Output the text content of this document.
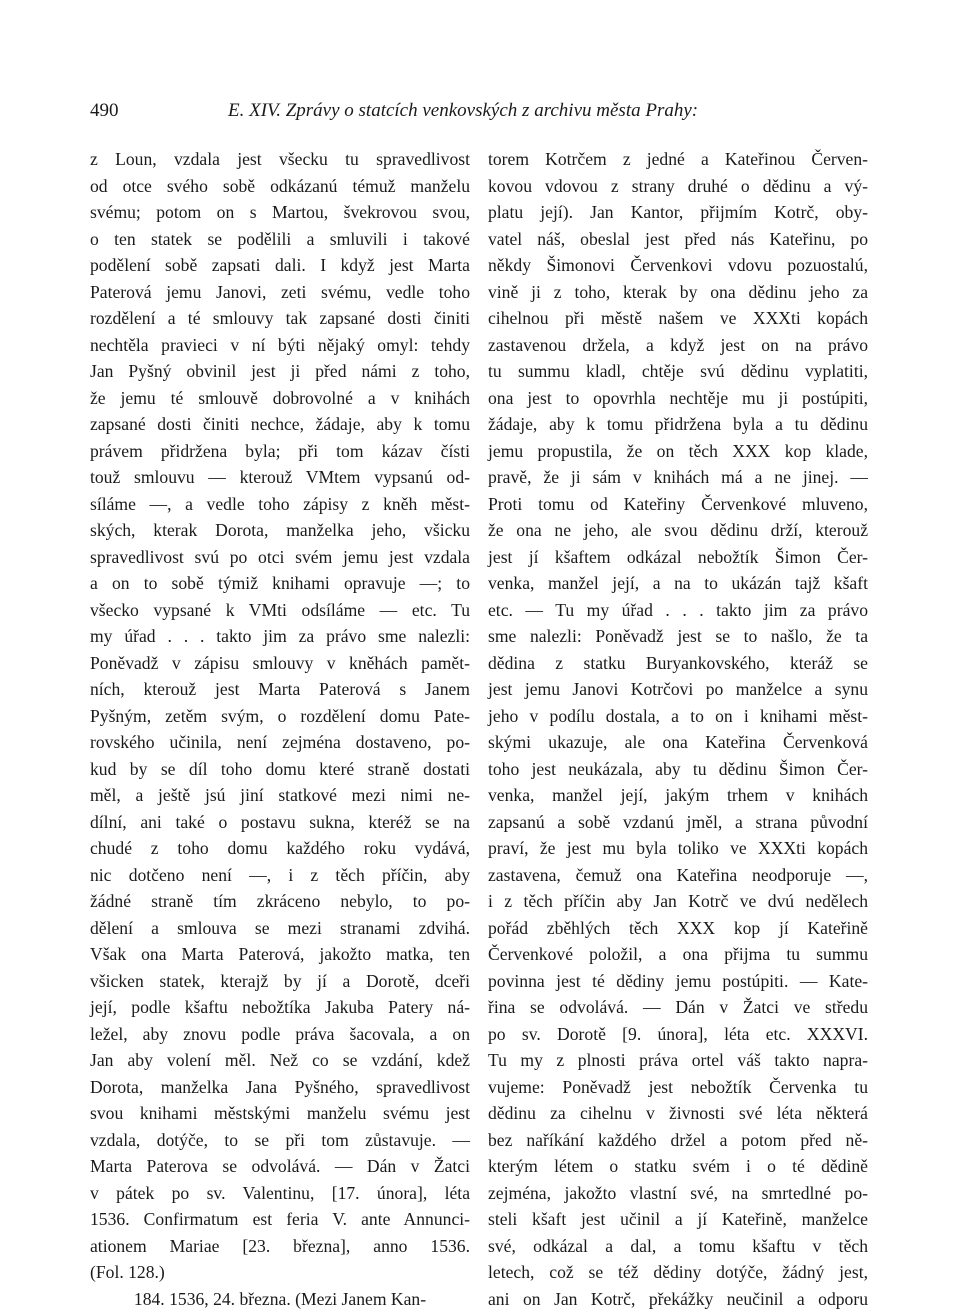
490	E. XIV. Zprávy o statcích venkovských z archivu města Prahy:
z Loun, vzdala jest všecku tu spravedlivost
od otce svého sobě odkázanú témuž manželu
svému; potom on s Martou, švekrovou svou,
o ten statek se podělili a smluvili i takové
podělení sobě zapsati dali. I když jest Marta
Paterová jemu Janovi, zeti svému, vedle toho
rozdělení a té smlouvy tak zapsané dosti činiti
nechtěla pravieci v ní býti nějaký omyl: tehdy
Jan Pyšný obvinil jest ji před námi z toho,
že jemu té smlouvě dobrovolné a v knihách
zapsané dosti činiti nechce, žádaje, aby k tomu
právem přidržena byla; při tom kázav čísti
touž smlouvu — kterouž VMtem vypsanú od-
síláme —, a vedle toho zápisy z kněh měst-
ských, kterak Dorota, manželka jeho, všicku
spravedlivost svú po otci svém jemu jest vzdala
a on to sobě týmiž knihami opravuje —; to
všecko vypsané k VMti odsíláme — etc. Tu
my úřad . . . takto jim za právo sme nalezli:
Poněvadž v zápisu smlouvy v kněhách pamět-
ních, kterouž jest Marta Paterová s Janem
Pyšným, zetěm svým, o rozdělení domu Pate-
rovského učinila, není zejména dostaveno, po-
kud by se díl toho domu které straně dostati
měl, a ještě jsú jiní statkové mezi nimi ne-
dílní, ani také o postavu sukna, kteréž se na
chudé z toho domu každého roku vydává,
nic dotčeno není —, i z těch příčin, aby
žádné straně tím zkráceno nebylo, to po-
dělení a smlouva se mezi stranami zdvihá.
Však ona Marta Paterová, jakožto matka, ten
všicken statek, kterajž by jí a Dorotě, dceři
její, podle kšaftu nebožtíka Jakuba Patery ná-
ležel, aby znovu podle práva šacovala, a on
Jan aby volení měl. Než co se vzdání, kdež
Dorota, manželka Jana Pyšného, spravedlivost
svou knihami městskými manželu svému jest
vzdala, dotýče, to se při tom zůstavuje. —
Marta Paterova se odvolává. — Dán v Žatci
v pátek po sv. Valentinu, [17. února], léta
1536. Confirmatum est feria V. ante Annunci-
ationem Mariae [23. března], anno 1536.
(Fol. 128.)
184. 1536, 24. března. (Mezi Janem Kan-
torem Kotrčem z jedné a Kateřinou Červen-
kovou vdovou z strany druhé o dědinu a vý-
platu její). Jan Kantor, přijmím Kotrč, oby-
vatel náš, obeslal jest před nás Kateřinu, po
někdy Šimonovi Červenkovi vdovu pozuostalú,
vině ji z toho, kterak by ona dědinu jeho za
cihelnou při městě našem ve XXXti kopách
zastavenou drželа, a když jest on na právo
tu summu kladl, chtěje svú dědinu vyplatiti,
ona jest to opovrhla nechtěje mu ji postúpiti,
žádaje, aby k tomu přidržena byla a tu dědinu
jemu propustila, že on těch XXX kop klade,
pravě, že ji sám v knihách má a ne jinej. —
Proti tomu od Kateřiny Červenkové mluveno,
že ona ne jeho, ale svou dědinu drží, kterouž
jest jí kšaftem odkázal nebožtík Šimon Čer-
venka, manžel její, a na to ukázán tajž kšaft
etc. — Tu my úřad . . . takto jim za právo
sme nalezli: Poněvadž jest se to našlo, že ta
dědina z statku Buryankovského, kteráž se
jest jemu Janovi Kotrčovi po manželce a synu
jeho v podílu dostala, a to on i knihami měst-
skými ukazuje, ale ona Kateřina Červenková
toho jest neukázala, aby tu dědinu Šimon Čer-
venka, manžel její, jakým trhem v knihách
zapsanú a sobě vzdanú jměl, a strana původní
praví, že jest mu byla toliko ve XXXti kopách
zastavena, čemuž ona Kateřina neodporuje —,
i z těch příčin aby Jan Kotrč ve dvú nedělech
pořád zběhlých těch XXX kop jí Kateřině
Červenkové položil, a ona přijma tu summu
povinna jest té dědiny jemu postúpiti. — Kate-
řina se odvolává. — Dán v Žatci ve středu
po sv. Dorotě [9. února], léta etc. XXXVI.
Tu my z plnosti práva ortel váš takto naprа-
vujeme: Poněvadž jest nebožtík Červenka tu
dědinu za cihelnu v živnosti své léta některá
bez naříkání každého držel a potom před ně-
kterým létem o statku svém i o té dědině
zejména, jakožto vlastní své, na smrtedlné po-
steli kšaft jest učinil a jí Kateřině, manželce
své, odkázal a dal, a tomu kšaftu v těch
letech, což se též dědiny dotýče, žádný jest,
ani on Jan Kotrč, překážky neučinil a odporu
